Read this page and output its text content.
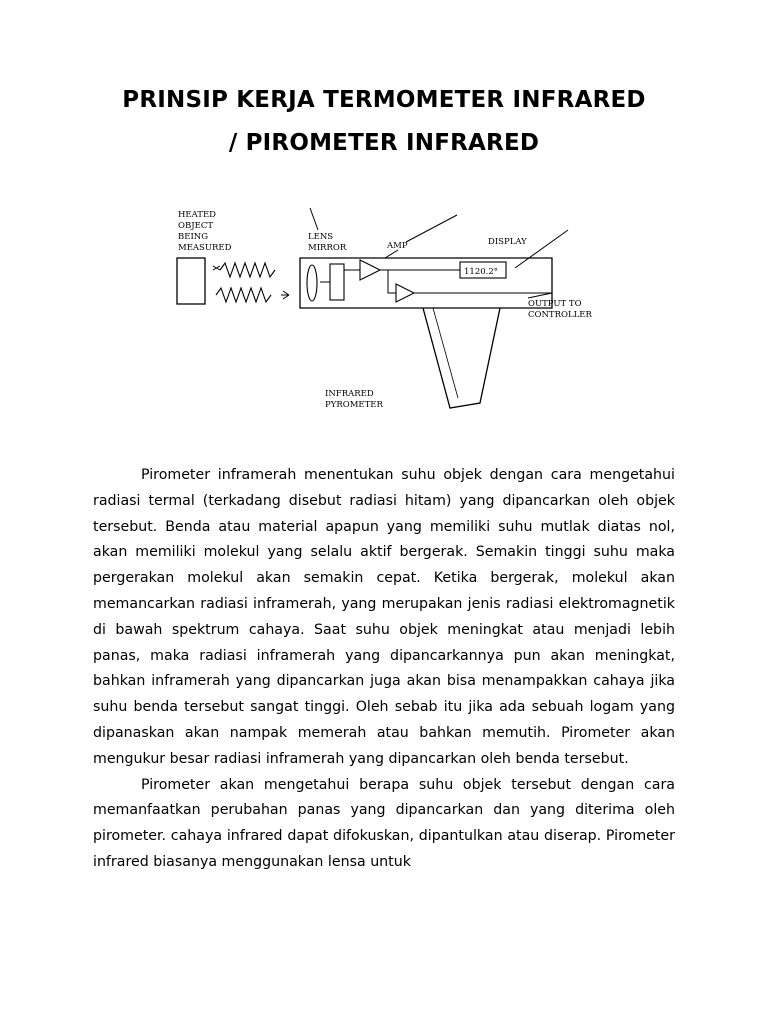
PRINSIP KERJA TERMOMETER INFRARED
/ PIROMETER INFRARED
HEATED
OBJECT
BEING
MEASURED
1120.2°
LENS
MIRROR	AMP	DISPLAY
OUTPUT TO
CONTROLLER
INFRARED
PYROMETER

Pirometer inframerah menentukan suhu objek dengan cara mengetahui radiasi termal (terkadang disebut radiasi hitam) yang dipancarkan oleh objek tersebut. Benda atau material apapun yang memiliki suhu mutlak diatas nol, akan memiliki molekul yang selalu aktif bergerak. Semakin tinggi suhu maka pergerakan molekul akan semakin cepat. Ketika bergerak, molekul akan memancarkan radiasi inframerah, yang merupakan jenis radiasi elektromagnetik di bawah spektrum cahaya. Saat suhu objek meningkat atau menjadi lebih panas, maka radiasi inframerah yang dipancarkannya pun akan meningkat, bahkan inframerah yang dipancarkan juga akan bisa menampakkan cahaya jika suhu benda tersebut sangat tinggi. Oleh sebab itu jika ada sebuah logam yang dipanaskan akan nampak memerah atau bahkan memutih. Pirometer akan mengukur besar radiasi inframerah yang dipancarkan oleh benda tersebut.

Pirometer akan mengetahui berapa suhu objek tersebut dengan cara memanfaatkan perubahan panas yang dipancarkan dan yang diterima oleh pirometer. cahaya infrared dapat difokuskan, dipantulkan atau diserap. Pirometer infrared biasanya menggunakan lensa untuk
